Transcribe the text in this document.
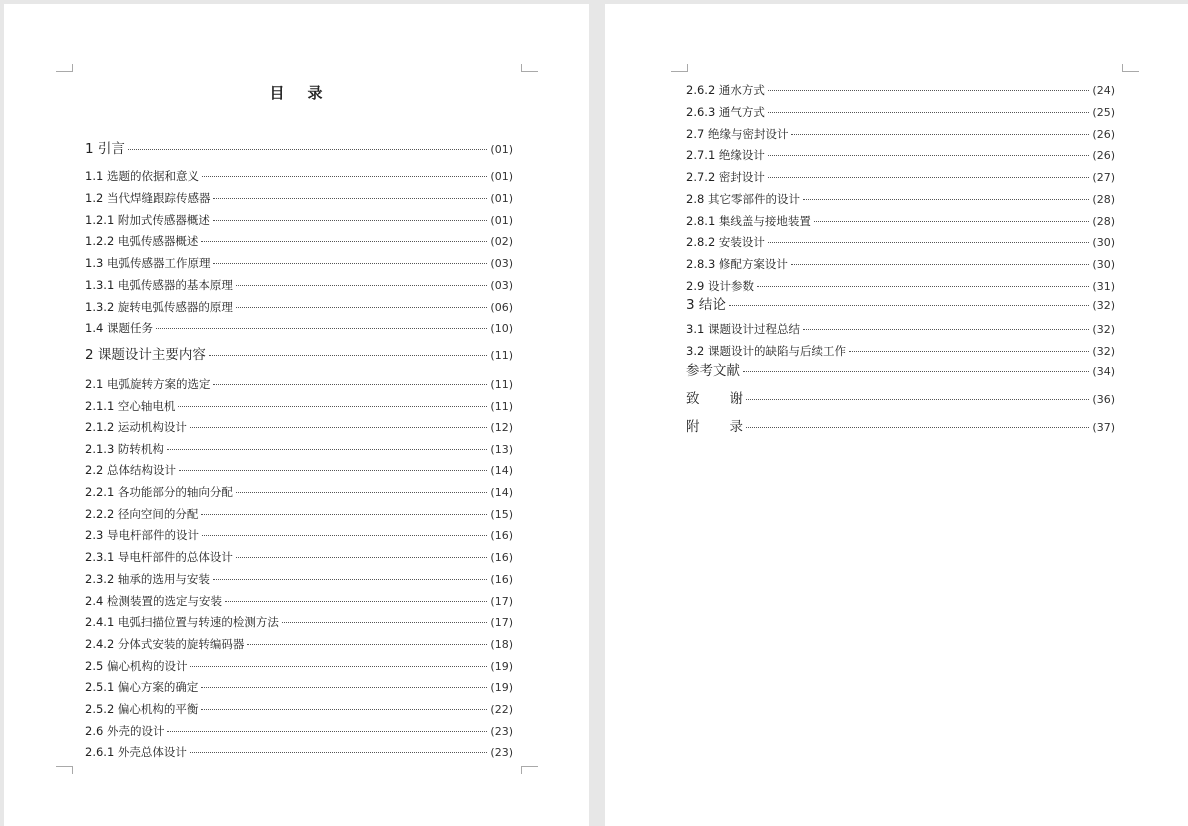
目 录
1 引言	(01)
1.1 选题的依据和意义	(01)
1.2 当代焊缝跟踪传感器	(01)
1.2.1 附加式传感器概述	(01)
1.2.2 电弧传感器概述	(02)
1.3 电弧传感器工作原理	(03)
1.3.1 电弧传感器的基本原理	(03)
1.3.2 旋转电弧传感器的原理	(06)
1.4 课题任务	(10)
2 课题设计主要内容	(11)
2.1 电弧旋转方案的选定	(11)
2.1.1 空心轴电机	(11)
2.1.2 运动机构设计	(12)
2.1.3 防转机构	(13)
2.2 总体结构设计	(14)
2.2.1 各功能部分的轴向分配	(14)
2.2.2 径向空间的分配	(15)
2.3 导电杆部件的设计	(16)
2.3.1 导电杆部件的总体设计	(16)
2.3.2 轴承的选用与安装	(16)
2.4 检测装置的选定与安装	(17)
2.4.1 电弧扫描位置与转速的检测方法	(17)
2.4.2 分体式安装的旋转编码器	(18)
2.5 偏心机构的设计	(19)
2.5.1 偏心方案的确定	(19)
2.5.2 偏心机构的平衡	(22)
2.6 外壳的设计	(23)
2.6.1 外壳总体设计	(23)
2.6.2 通水方式	(24)
2.6.3 通气方式	(25)
2.7 绝缘与密封设计	(26)
2.7.1 绝缘设计	(26)
2.7.2 密封设计	(27)
2.8 其它零部件的设计	(28)
2.8.1 集线盖与接地装置	(28)
2.8.2 安装设计	(30)
2.8.3 修配方案设计	(30)
2.9 设计参数	(31)
3 结论	(32)
3.1 课题设计过程总结	(32)
3.2 课题设计的缺陷与后续工作	(32)
参考文献	(34)
致 谢	(36)
附 录	(37)
